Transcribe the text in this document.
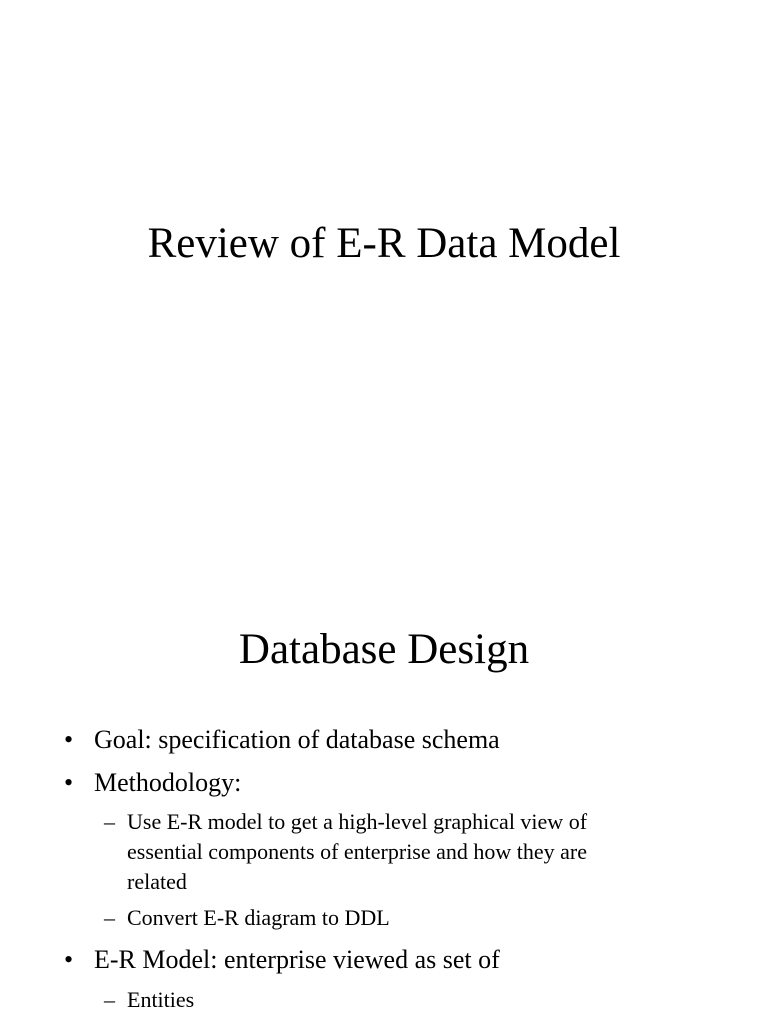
Review of E-R Data Model
Database Design
• Goal: specification of database schema
• Methodology:
– Use E-R model to get a high-level graphical view of
essential components of enterprise and how they are
related
– Convert E-R diagram to DDL
• E-R Model: enterprise viewed as set of
– Entities
